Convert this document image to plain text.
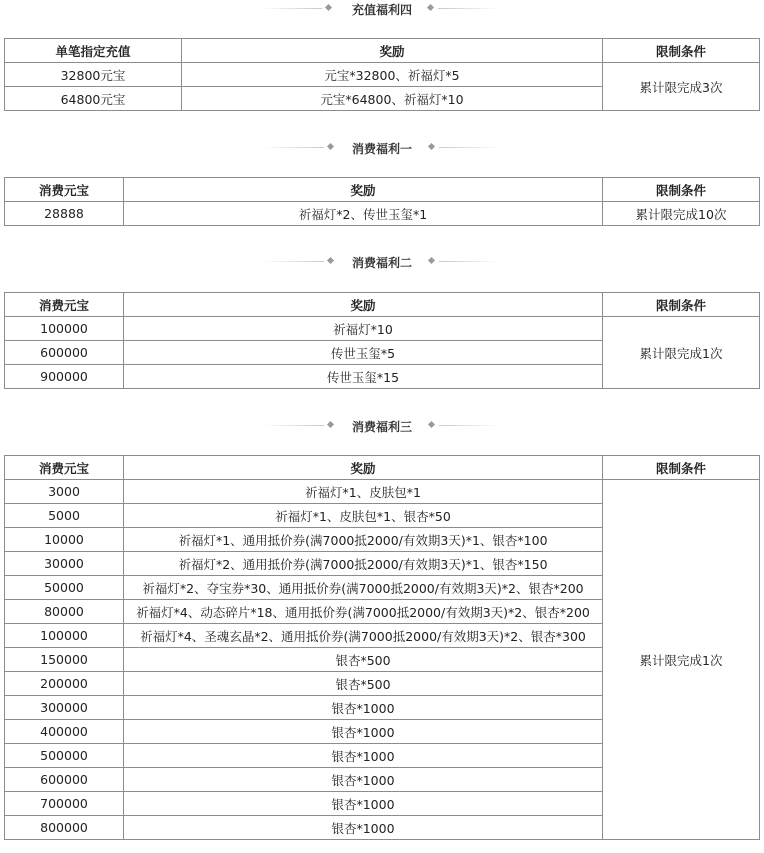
充值福利四
单笔指定充值	奖励	限制条件
32800元宝	元宝*32800、祈福灯*5	累计限完成3次
64800元宝	元宝*64800、祈福灯*10	
消费福利一
消费元宝	奖励	限制条件
28888	祈福灯*2、传世玉玺*1	累计限完成10次
消费福利二
消费元宝	奖励	限制条件
100000	祈福灯*10	累计限完成1次
600000	传世玉玺*5	
900000	传世玉玺*15	
消费福利三
消费元宝	奖励	限制条件
3000	祈福灯*1、皮肤包*1	累计限完成1次
5000	祈福灯*1、皮肤包*1、银杏*50	
10000	祈福灯*1、通用抵价券(满7000抵2000/有效期3天)*1、银杏*100	
30000	祈福灯*2、通用抵价券(满7000抵2000/有效期3天)*1、银杏*150	
50000	祈福灯*2、夺宝券*30、通用抵价券(满7000抵2000/有效期3天)*2、银杏*200	
80000	祈福灯*4、动态碎片*18、通用抵价券(满7000抵2000/有效期3天)*2、银杏*200	
100000	祈福灯*4、圣魂玄晶*2、通用抵价券(满7000抵2000/有效期3天)*2、银杏*300	
150000	银杏*500	
200000	银杏*500	
300000	银杏*1000	
400000	银杏*1000	
500000	银杏*1000	
600000	银杏*1000	
700000	银杏*1000	
800000	银杏*1000	
